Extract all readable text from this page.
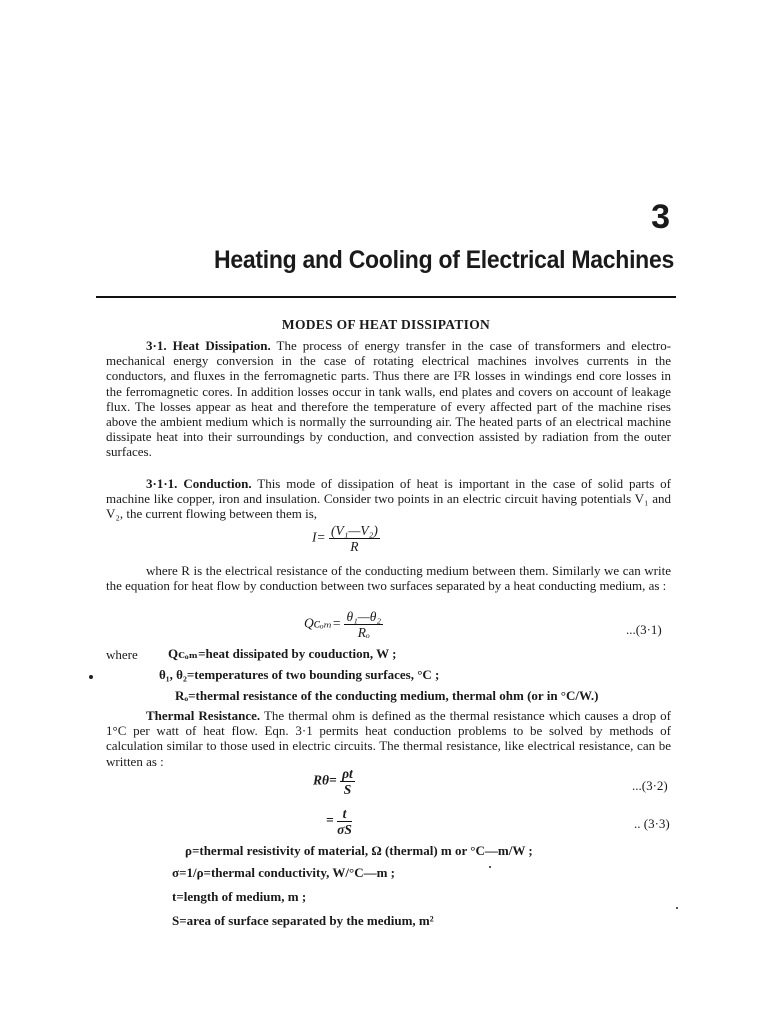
3
Heating and Cooling of Electrical Machines
MODES OF HEAT DISSIPATION
3·1. Heat Dissipation. The process of energy transfer in the case of transformers and electro-mechanical energy conversion in the case of rotating electrical machines involves currents in the conductors, and fluxes in the ferromagnetic parts. Thus there are I²R losses in windings end core losses in the ferromagnetic cores. In addition losses occur in tank walls, end plates and covers on account of leakage flux. The losses appear as heat and therefore the temperature of every affected part of the machine rises above the ambient medium which is normally the surrounding air. The heated parts of an electrical machine dissipate heat into their surroundings by conduction, and convection assisted by radiation from the outer surfaces.
3·1·1. Conduction. This mode of dissipation of heat is important in the case of solid parts of machine like copper, iron and insulation. Consider two points in an electric circuit having potentials V₁ and V₂, the current flowing between them is,
$I= \frac{\text{(V₁—V₂)}}{R}$
where R is the electrical resistance of the conducting medium between them. Similarly we can write the equation for heat flow by conduction between two surfaces separated by a heat conducting medium, as :
Qᴄₒₘ= $\frac{\text{θ₁—θ₂}}{\text{Rₒ}}$	...(3·1)
where Qᴄₒₘ=heat dissipated by couduction, W ;
θ₁, θ₂=temperatures of two bounding surfaces, °C ;
Rₒ=thermal resistance of the conducting medium, thermal ohm (or in °C/W.)
Thermal Resistance. The thermal ohm is defined as the thermal resistance which causes a drop of 1°C per watt of heat flow. Eqn. 3·1 permits heat conduction problems to be solved by methods of calculation similar to those used in electric circuits. The thermal resistance, like electrical resistance, can be written as :
$R\theta= \frac{\rho t}{S}$	...(3·2)
= $\frac{t}{\sigma S}$	.. (3·3)
ρ=thermal resistivity of material, Ω (thermal) m or °C—m/W ;
σ=1/ρ=thermal conductivity, W/°C—m ;
t=length of medium, m ;
S=area of surface separated by the medium, m²
